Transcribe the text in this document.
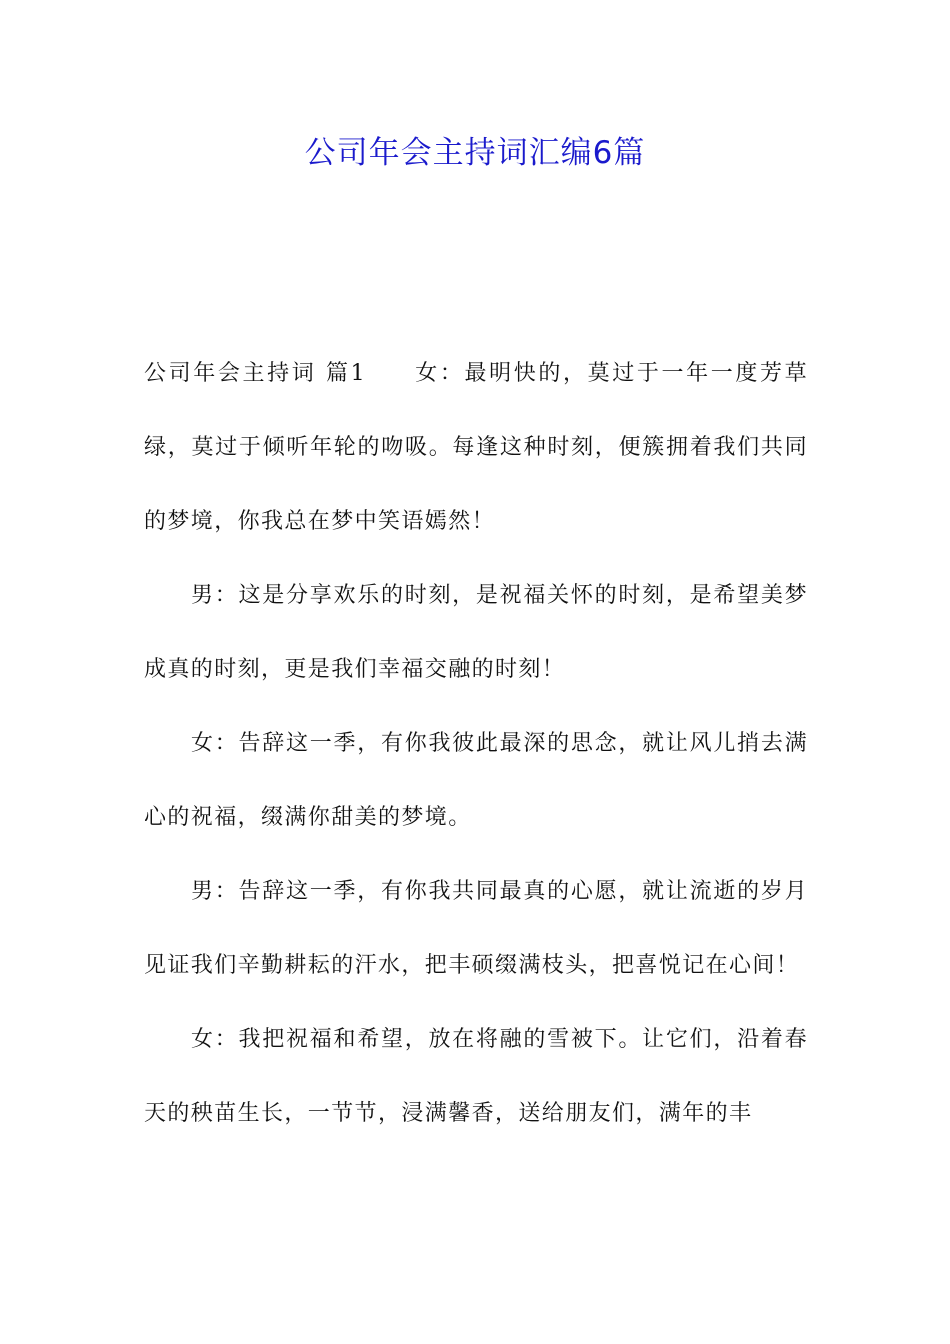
公司年会主持词汇编6篇

公司年会主持词 篇1 女：最明快的，莫过于一年一度芳草绿，莫过于倾听年轮的吻吸。每逢这种时刻，便簇拥着我们共同的梦境，你我总在梦中笑语嫣然！

男：这是分享欢乐的时刻，是祝福关怀的时刻，是希望美梦成真的时刻，更是我们幸福交融的时刻！

女：告辞这一季，有你我彼此最深的思念，就让风儿捎去满心的祝福，缀满你甜美的梦境。

男：告辞这一季，有你我共同最真的心愿，就让流逝的岁月见证我们辛勤耕耘的汗水，把丰硕缀满枝头，把喜悦记在心间！

女：我把祝福和希望，放在将融的雪被下。让它们，沿着春天的秧苗生长，一节节，浸满馨香，送给朋友们，满年的丰
